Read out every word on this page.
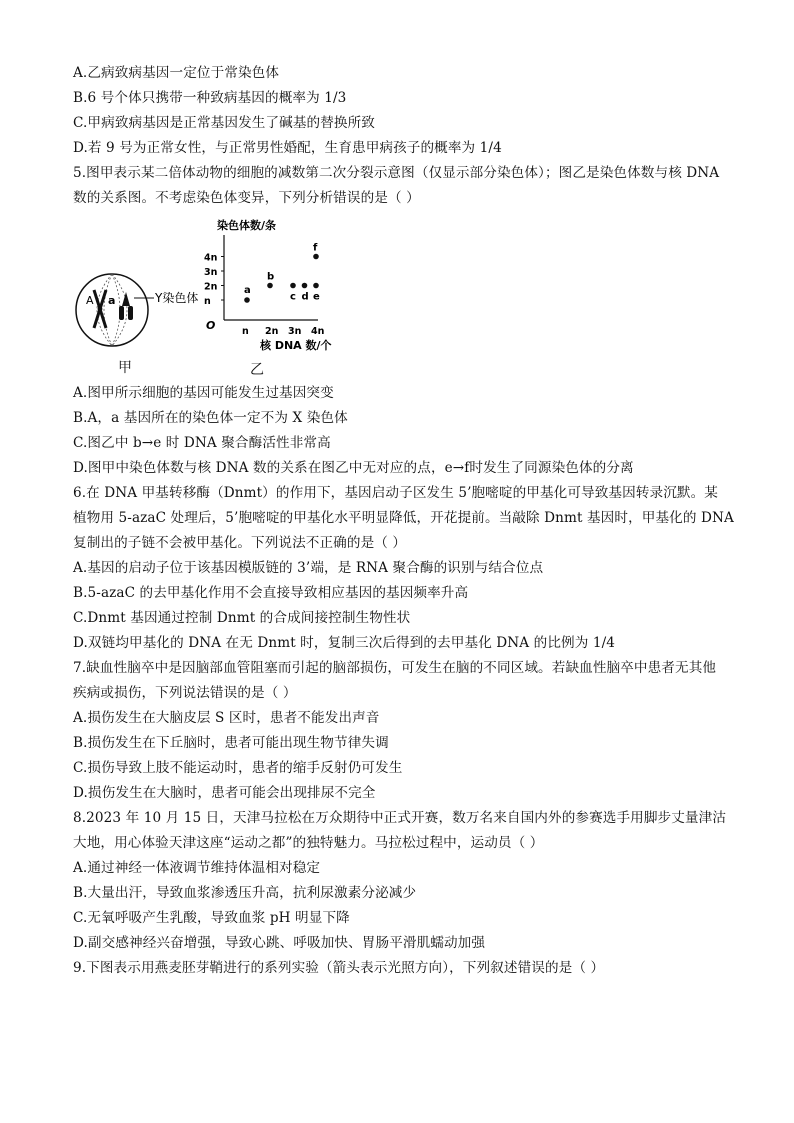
A.乙病致病基因一定位于常染色体
B.6 号个体只携带一种致病基因的概率为 1/3
C.甲病致病基因是正常基因发生了碱基的替换所致
D.若 9 号为正常女性，与正常男性婚配，生育患甲病孩子的概率为 1/4
5.图甲表示某二倍体动物的细胞的减数第二次分裂示意图（仅显示部分染色体）；图乙是染色体数与核 DNA
数的关系图。不考虑染色体变异，下列分析错误的是（ ）
A a	Y染色体
染色体数/条
O
4n
3n
2n
n
n 2n 3n 4n
a
b
c d e
f
核 DNA 数/个
甲	乙
A.图甲所示细胞的基因可能发生过基因突变
B.A，a 基因所在的染色体一定不为 X 染色体
C.图乙中 b→e 时 DNA 聚合酶活性非常高
D.图甲中染色体数与核 DNA 数的关系在图乙中无对应的点，e→f时发生了同源染色体的分离
6.在 DNA 甲基转移酶（Dnmt）的作用下，基因启动子区发生 5’胞嘧啶的甲基化可导致基因转录沉默。某
植物用 5-azaC 处理后，5’胞嘧啶的甲基化水平明显降低，开花提前。当敲除 Dnmt 基因时，甲基化的 DNA
复制出的子链不会被甲基化。下列说法不正确的是（ ）
A.基因的启动子位于该基因模版链的 3’端，是 RNA 聚合酶的识别与结合位点
B.5-azaC 的去甲基化作用不会直接导致相应基因的基因频率升高
C.Dnmt 基因通过控制 Dnmt 的合成间接控制生物性状
D.双链均甲基化的 DNA 在无 Dnmt 时，复制三次后得到的去甲基化 DNA 的比例为 1/4
7.缺血性脑卒中是因脑部血管阻塞而引起的脑部损伤，可发生在脑的不同区域。若缺血性脑卒中患者无其他
疾病或损伤，下列说法错误的是（ ）
A.损伤发生在大脑皮层 S 区时，患者不能发出声音
B.损伤发生在下丘脑时，患者可能出现生物节律失调
C.损伤导致上肢不能运动时，患者的缩手反射仍可发生
D.损伤发生在大脑时，患者可能会出现排尿不完全
8.2023 年 10 月 15 日，天津马拉松在万众期待中正式开赛，数万名来自国内外的参赛选手用脚步丈量津沽
大地，用心体验天津这座“运动之都”的独特魅力。马拉松过程中，运动员（ ）
A.通过神经一体液调节维持体温相对稳定
B.大量出汗，导致血浆渗透压升高，抗利尿激素分泌减少
C.无氧呼吸产生乳酸，导致血浆 pH 明显下降
D.副交感神经兴奋增强，导致心跳、呼吸加快、胃肠平滑肌蠕动加强
9.下图表示用燕麦胚芽鞘进行的系列实验（箭头表示光照方向），下列叙述错误的是（ ）
